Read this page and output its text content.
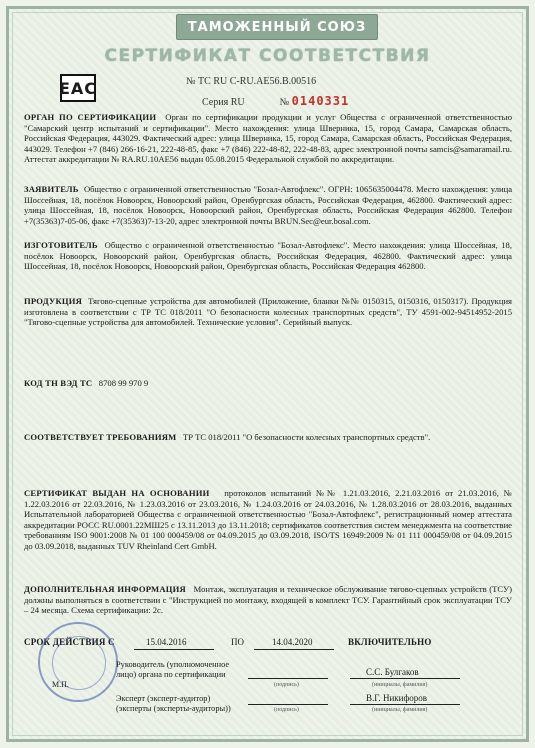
ТАМОЖЕННЫЙ СОЮЗ
СЕРТИФИКАТ СООТВЕТСТВИЯ
EAC	№ ТС RU С-RU.АЕ56.В.00516
Серия RU	№ 0140331
ОРГАН ПО СЕРТИФИКАЦИИ Орган по сертификации продукции и услуг Общества с ограниченной ответственностью "Самарский центр испытаний и сертификации". Место нахождения: улица Шверника, 15, город Самара, Самарская область, Российская Федерация, 443029. Фактический адрес: улица Шверника, 15, город Самара, Самарская область, Российская Федерация, 443029. Телефон +7 (846) 266-16-21, 222-48-85, факс +7 (846) 222-48-82, 222-48-83, адрес электронной почты samcis@samaramail.ru. Аттестат аккредитации № RA.RU.10AE56 выдан 05.08.2015 Федеральной службой по аккредитации.
ЗАЯВИТЕЛЬ Общество с ограниченной ответственностью "Бозал-Автофлекс". ОГРН: 1065635004478. Место нахождения: улица Шоссейная, 18, посёлок Новоорск, Новоорский район, Оренбургская область, Российская Федерация, 462800. Фактический адрес: улица Шоссейная, 18, посёлок Новоорск, Новоорский район, Оренбургская область, Российская Федерация 462800. Телефон +7(35363)7-05-06, факс +7(35363)7-13-20, адрес электронной почты BRUN.Sec@eur.bosal.com.
ИЗГОТОВИТЕЛЬ Общество с ограниченной ответственностью "Бозал-Автофлекс". Место нахождения: улица Шоссейная, 18, посёлок Новоорск, Новоорский район, Оренбургская область, Российская Федерация, 462800. Фактический адрес: улица Шоссейная, 18, посёлок Новоорск, Новоорский район, Оренбургская область, Российская Федерация 462800.
ПРОДУКЦИЯ Тягово-сцепные устройства для автомобилей (Приложение, бланки №№ 0150315, 0150316, 0150317). Продукция изготовлена в соответствии с ТР ТС 018/2011 "О безопасности колесных транспортных средств", ТУ 4591-002-94514952-2015 "Тягово-сцепные устройства для автомобилей. Технические условия". Серийный выпуск.
КОД ТН ВЭД ТС 8708 99 970 9
СООТВЕТСТВУЕТ ТРЕБОВАНИЯМ ТР ТС 018/2011 "О безопасности колесных транспортных средств".
СЕРТИФИКАТ ВЫДАН НА ОСНОВАНИИ протоколов испытаний №№ 1.21.03.2016, 2.21.03.2016 от 21.03.2016, № 1.22.03.2016 от 22.03.2016, № 1.23.03.2016 от 23.03.2016, № 1.24.03.2016 от 24.03.2016, № 1.28.03.2016 от 28.03.2016, выданных Испытательной лабораторией Общества с ограниченной ответственностью "Бозал-Автофлекс", регистрационный номер аттестата аккредитации РОСС RU.0001.22МШ25 с 13.11.2013 до 13.11.2018; сертификатов соответствия систем менеджмента на соответствие требованиям ISO 9001:2008 № 01 100 000459/08 от 04.09.2015 до 03.09.2018, ISO/TS 16949:2009 № 01 111 000459/08 от 04.09.2015 до 03.09.2018, выданных TUV Rheinland Cert GmbH.
ДОПОЛНИТЕЛЬНАЯ ИНФОРМАЦИЯ Монтаж, эксплуатация и техническое обслуживание тягово-сцепных устройств (ТСУ) должны выполняться в соответствии с "Инструкцией по монтажу, входящей в комплект ТСУ. Гарантийный срок эксплуатации ТСУ – 24 месяца. Схема сертификации: 2с.
СРОК ДЕЙСТВИЯ С	15.04.2016	ПО	14.04.2020	ВКЛЮЧИТЕЛЬНО
М.П.
Руководитель (уполномоченное
лицо) органа по сертификации
(подпись)
С.С. Булгаков
(инициалы, фамилия)
Эксперт (эксперт-аудитор)
(эксперты (эксперты-аудиторы))	(подпись)
В.Г. Никифоров
(инициалы, фамилия)
